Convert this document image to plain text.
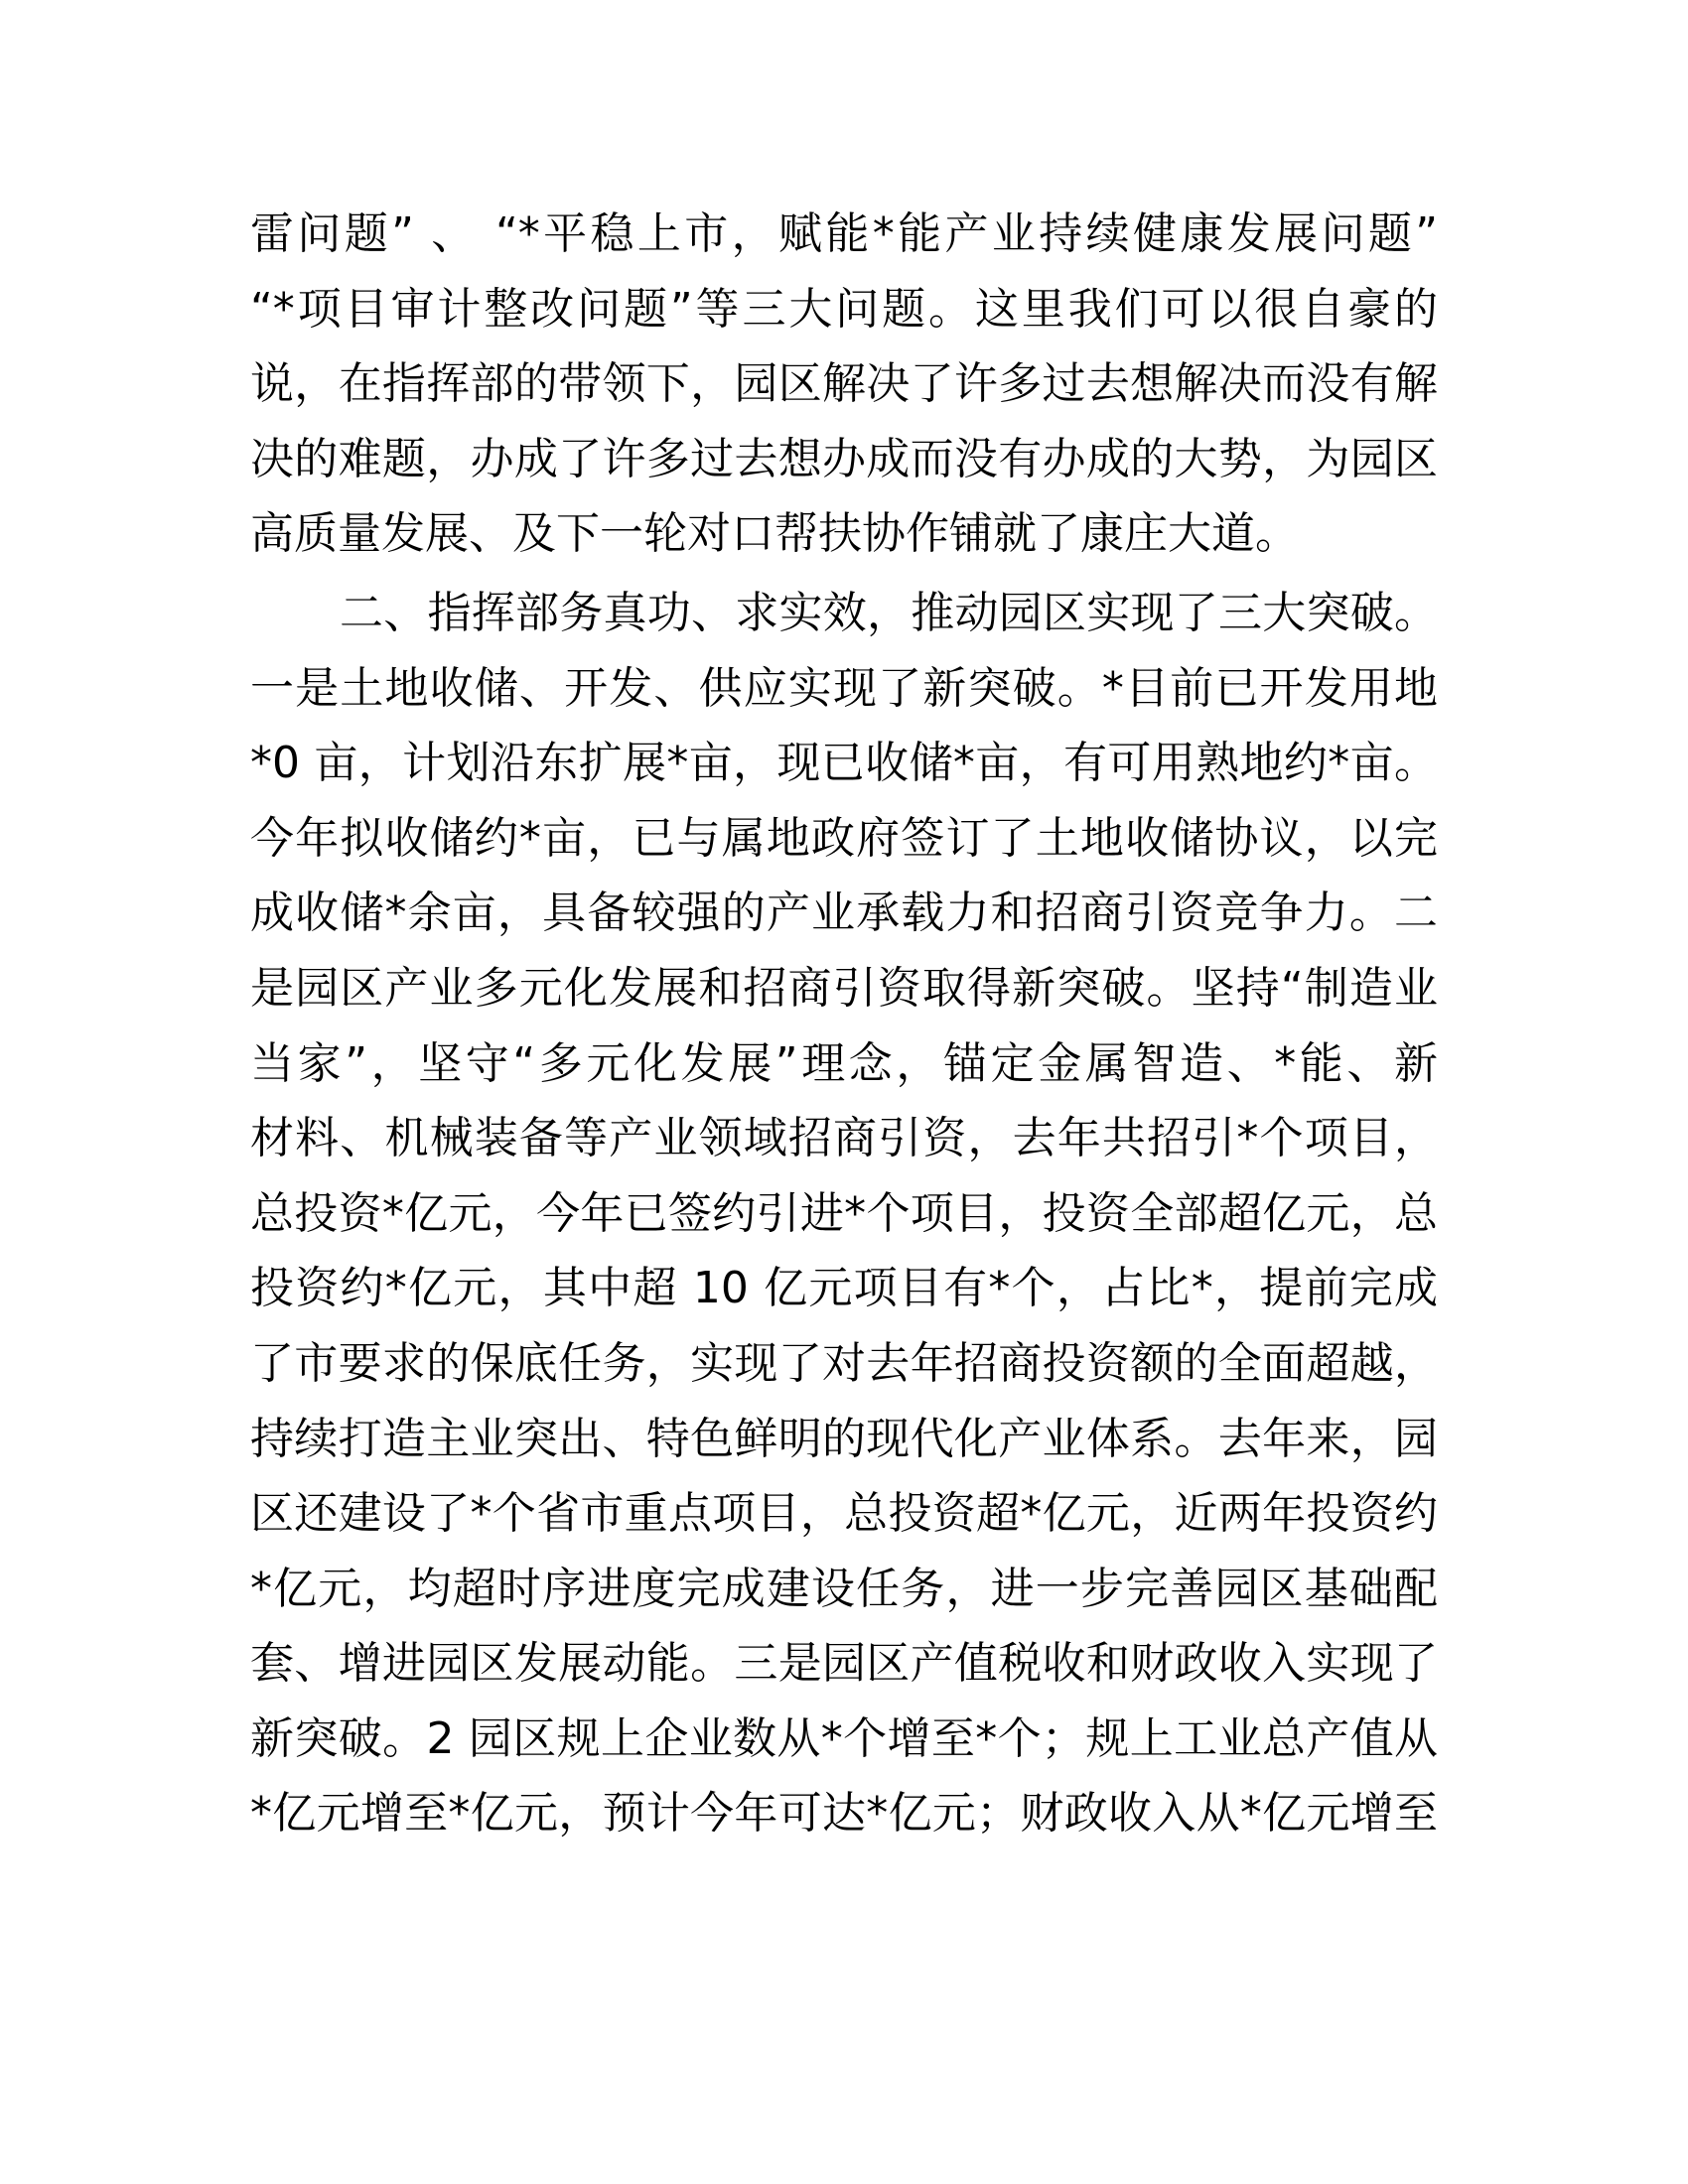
雷问题” 、 “*平稳上市，赋能*能产业持续健康发展问题”
“*项目审计整改问题”等三大问题。这里我们可以很自豪的
说，在指挥部的带领下，园区解决了许多过去想解决而没有解
决的难题，办成了许多过去想办成而没有办成的大势，为园区
高质量发展、及下一轮对口帮扶协作铺就了康庄大道。
二、指挥部务真功、求实效，推动园区实现了三大突破。
一是土地收储、开发、供应实现了新突破。*目前已开发用地
*0 亩，计划沿东扩展*亩，现已收储*亩，有可用熟地约*亩。
今年拟收储约*亩，已与属地政府签订了土地收储协议，以完
成收储*余亩，具备较强的产业承载力和招商引资竞争力。二
是园区产业多元化发展和招商引资取得新突破。坚持“制造业
当家”，坚守“多元化发展”理念，锚定金属智造、*能、新
材料、机械装备等产业领域招商引资，去年共招引*个项目，
总投资*亿元，今年已签约引进*个项目，投资全部超亿元，总
投资约*亿元，其中超 10 亿元项目有*个，占比*，提前完成
了市要求的保底任务，实现了对去年招商投资额的全面超越，
持续打造主业突出、特色鲜明的现代化产业体系。去年来，园
区还建设了*个省市重点项目，总投资超*亿元，近两年投资约
*亿元，均超时序进度完成建设任务，进一步完善园区基础配
套、增进园区发展动能。三是园区产值税收和财政收入实现了
新突破。2 园区规上企业数从*个增至*个；规上工业总产值从
*亿元增至*亿元，预计今年可达*亿元；财政收入从*亿元增至
